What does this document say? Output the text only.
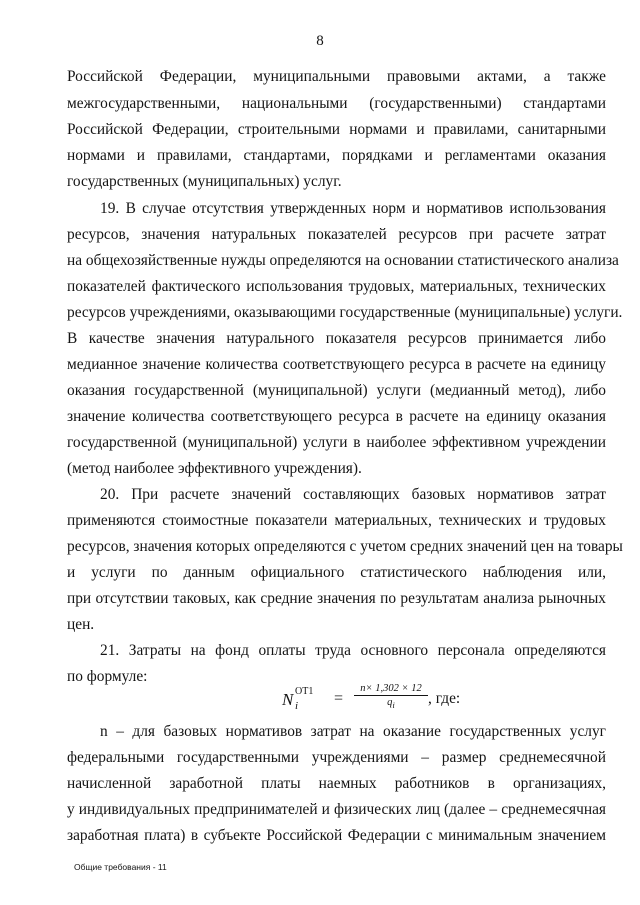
8
Российской Федерации, муниципальными правовыми актами, а также
межгосударственными, национальными (государственными) стандартами
Российской Федерации, строительными нормами и правилами, санитарными
нормами и правилами, стандартами, порядками и регламентами оказания
государственных (муниципальных) услуг.
19. В случае отсутствия утвержденных норм и нормативов использования
ресурсов, значения натуральных показателей ресурсов при расчете затрат
на общехозяйственные нужды определяются на основании статистического анализа
показателей фактического использования трудовых, материальных, технических
ресурсов учреждениями, оказывающими государственные (муниципальные) услуги.
В качестве значения натурального показателя ресурсов принимается либо
медианное значение количества соответствующего ресурса в расчете на единицу
оказания государственной (муниципальной) услуги (медианный метод), либо
значение количества соответствующего ресурса в расчете на единицу оказания
государственной (муниципальной) услуги в наиболее эффективном учреждении
(метод наиболее эффективного учреждения).
20. При расчете значений составляющих базовых нормативов затрат
применяются стоимостные показатели материальных, технических и трудовых
ресурсов, значения которых определяются с учетом средних значений цен на товары
и услуги по данным официального статистического наблюдения или,
при отсутствии таковых, как средние значения по результатам анализа рыночных
цен.
21. Затраты на фонд оплаты труда основного персонала определяются
по формуле:
N ОТ1
$i = \frac{n\times 1,302 \times 12}{q_i}$ , где:
n – для базовых нормативов затрат на оказание государственных услуг
федеральными государственными учреждениями – размер среднемесячной
начисленной заработной платы наемных работников в организациях,
у индивидуальных предпринимателей и физических лиц (далее – среднемесячная
заработная плата) в субъекте Российской Федерации с минимальным значением
Общие требования - 11
